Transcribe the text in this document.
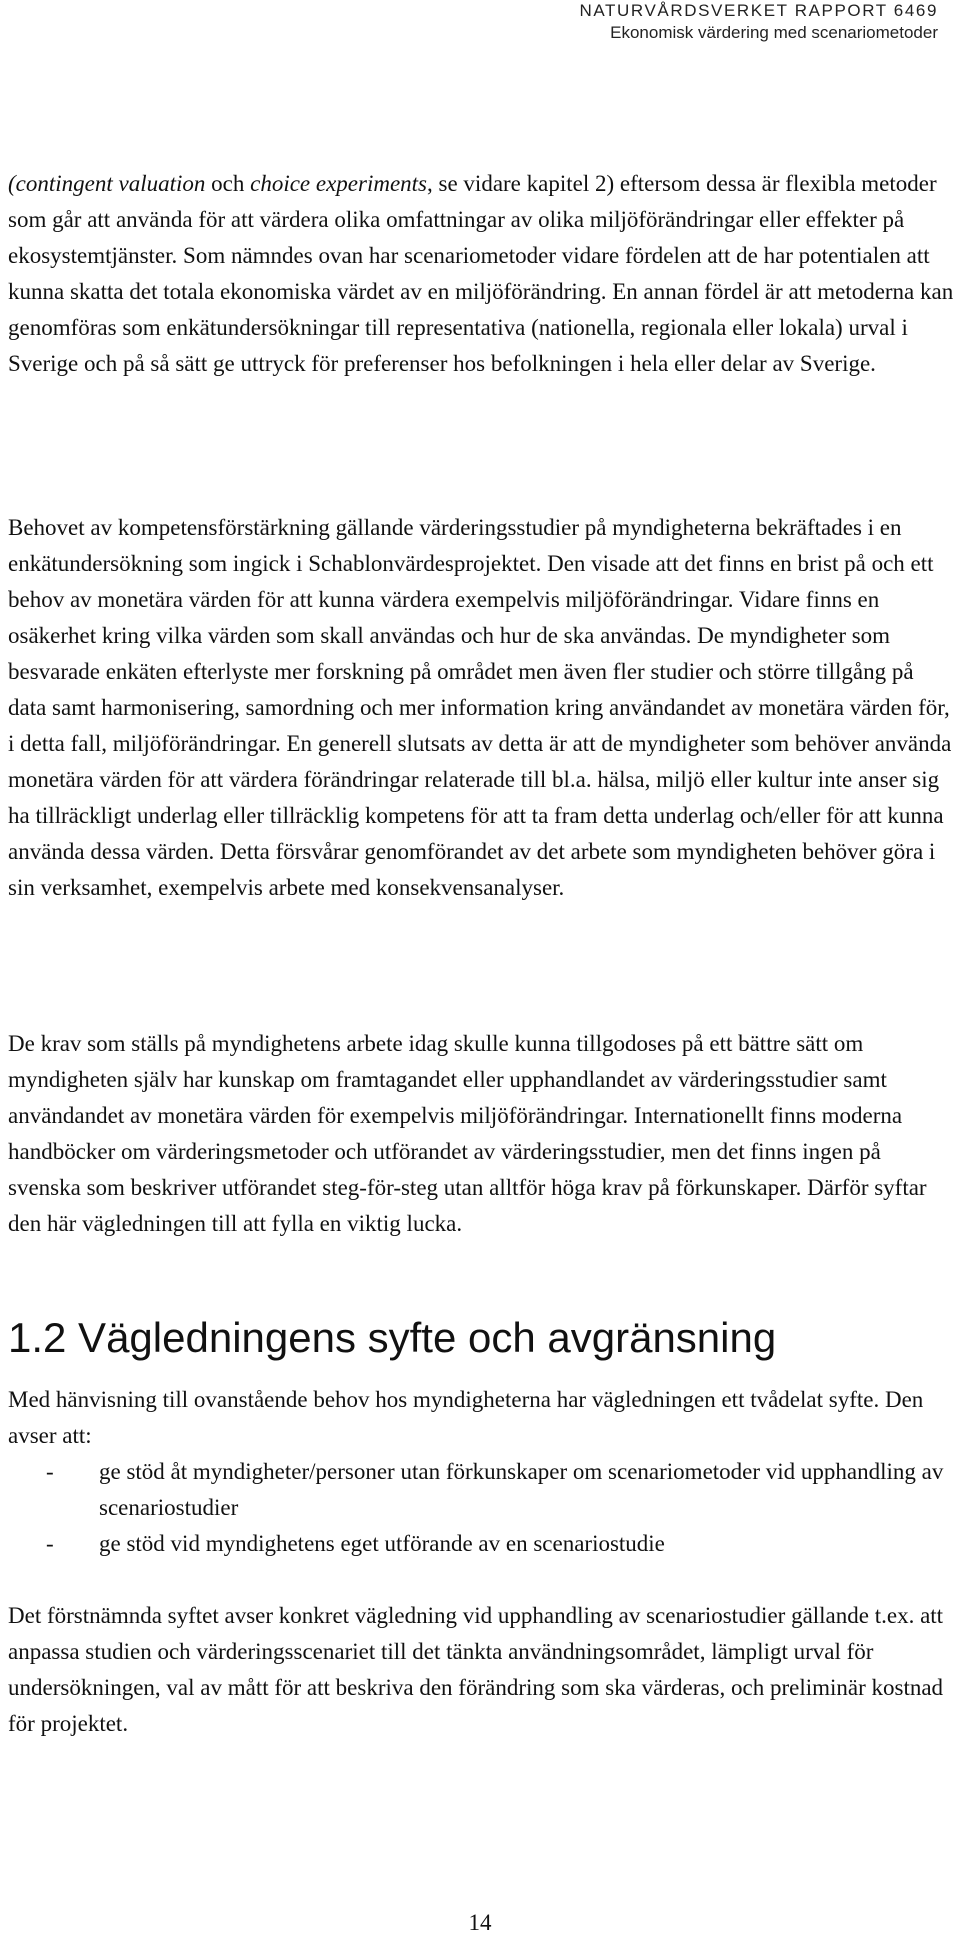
NATURVÅRDSVERKET RAPPORT 6469
Ekonomisk värdering med scenariometoder

(contingent valuation och choice experiments, se vidare kapitel 2) eftersom dessa är flexibla metoder som går att använda för att värdera olika omfattningar av olika miljöförändringar eller effekter på ekosystemtjänster. Som nämndes ovan har scenariometoder vidare fördelen att de har potentialen att kunna skatta det totala ekonomiska värdet av en miljöförändring. En annan fördel är att metoderna kan genomföras som enkätundersökningar till representativa (nationella, regionala eller lokala) urval i Sverige och på så sätt ge uttryck för preferenser hos befolkningen i hela eller delar av Sverige.

Behovet av kompetensförstärkning gällande värderingsstudier på myndigheterna bekräftades i en enkätundersökning som ingick i Schablonvärdesprojektet. Den visade att det finns en brist på och ett behov av monetära värden för att kunna värdera exempelvis miljöförändringar. Vidare finns en osäkerhet kring vilka värden som skall användas och hur de ska användas. De myndigheter som besvarade enkäten efterlyste mer forskning på området men även fler studier och större tillgång på data samt harmonisering, samordning och mer information kring användandet av monetära värden för, i detta fall, miljöförändringar. En generell slutsats av detta är att de myndigheter som behöver använda monetära värden för att värdera förändringar relaterade till bl.a. hälsa, miljö eller kultur inte anser sig ha tillräckligt underlag eller tillräcklig kompetens för att ta fram detta underlag och/eller för att kunna använda dessa värden. Detta försvårar genomförandet av det arbete som myndigheten behöver göra i sin verksamhet, exempelvis arbete med konsekvensanalyser.

De krav som ställs på myndighetens arbete idag skulle kunna tillgodoses på ett bättre sätt om myndigheten själv har kunskap om framtagandet eller upphandlandet av värderingsstudier samt användandet av monetära värden för exempelvis miljöförändringar. Internationellt finns moderna handböcker om värderingsmetoder och utförandet av värderingsstudier, men det finns ingen på svenska som beskriver utförandet steg-för-steg utan alltför höga krav på förkunskaper. Därför syftar den här vägledningen till att fylla en viktig lucka.

1.2 Vägledningens syfte och avgränsning

Med hänvisning till ovanstående behov hos myndigheterna har vägledningen ett tvådelat syfte. Den avser att:

-	ge stöd åt myndigheter/personer utan förkunskaper om scenariometoder vid upphandling av scenariostudier
-	ge stöd vid myndighetens eget utförande av en scenariostudie

Det förstnämnda syftet avser konkret vägledning vid upphandling av scenariostudier gällande t.ex. att anpassa studien och värderingsscenariet till det tänkta användningsområdet, lämpligt urval för undersökningen, val av mått för att beskriva den förändring som ska värderas, och preliminär kostnad för projektet.

14
